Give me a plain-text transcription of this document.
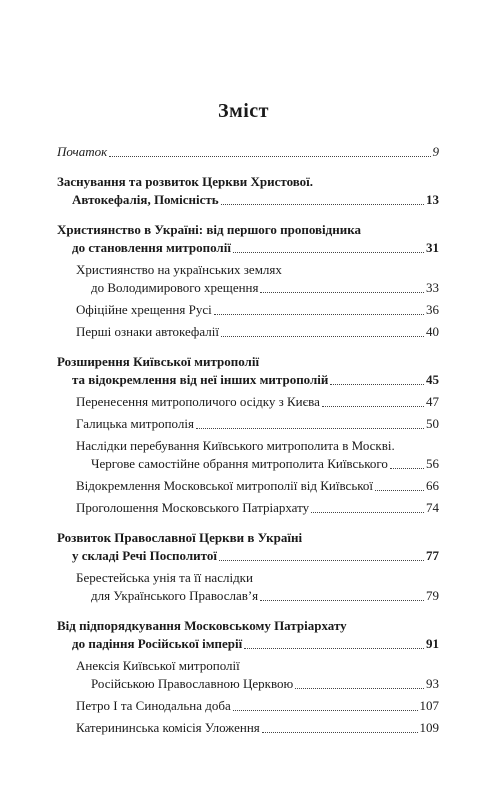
Зміст
Початок	9
Заснування та розвиток Церкви Христової.
Автокефалія, Помісність	13
Християнство в Україні: від першого проповідника
до становлення митрополії	31
Християнство на українських землях
до Володимирового хрещення	33
Офіційне хрещення Русі	36
Перші ознаки автокефалії	40
Розширення Київської митрополії
та відокремлення від неї інших митрополій	45
Перенесення митрополичого осідку з Києва	47
Галицька митрополія	50
Наслідки перебування Київського митрополита в Москві.
Чергове самостійне обрання митрополита Київського	56
Відокремлення Московської митрополії від Київської	66
Проголошення Московського Патріархату	74
Розвиток Православної Церкви в Україні
у складі Речі Посполитої	77
Берестейська унія та її наслідки
для Українського Православ’я	79
Від підпорядкування Московському Патріархату
до падіння Російської імперії	91
Анексія Київської митрополії
Російською Православною Церквою	93
Петро І та Синодальна доба	107
Катерининська комісія Уложення	109
